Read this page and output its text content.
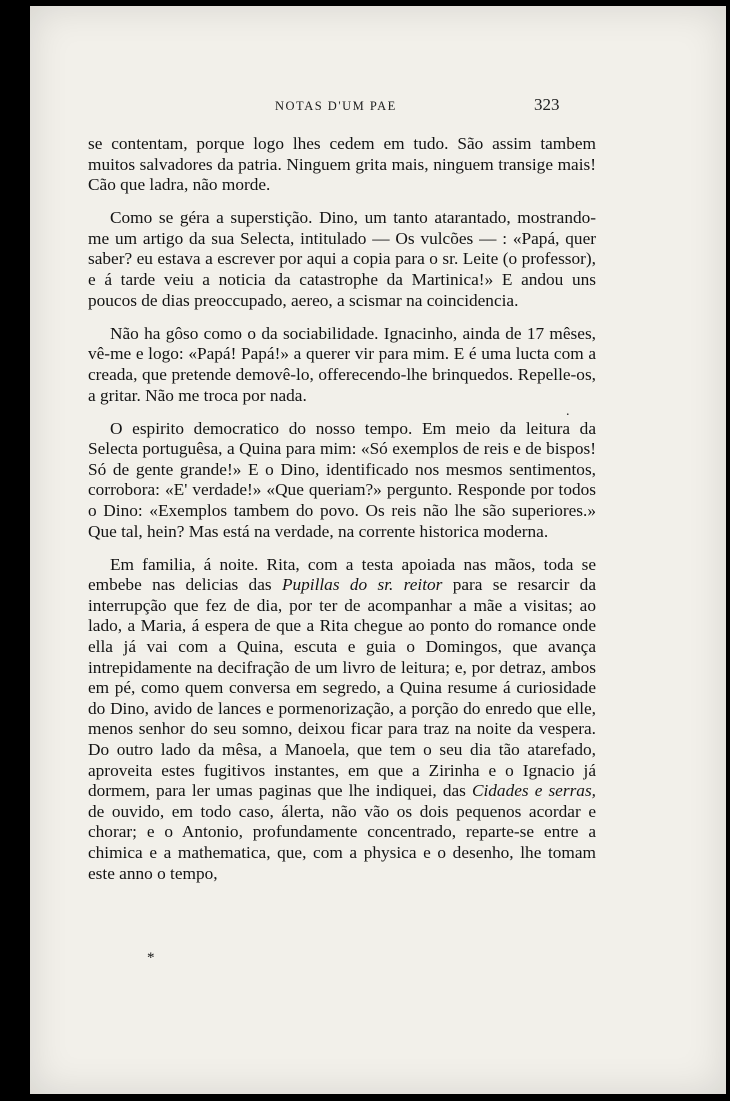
NOTAS D'UM PAE	323

se contentam, porque logo lhes cedem em tudo. São assim tambem muitos salvadores da patria. Ninguem grita mais, ninguem transige mais! Cão que ladra, não morde.

Como se géra a superstição. Dino, um tanto atarantado, mostrando-me um artigo da sua Selecta, intitulado — Os vulcões — : «Papá, quer saber? eu estava a escrever por aqui a copia para o sr. Leite (o professor), e á tarde veiu a noticia da catastrophe da Martinica!» E andou uns poucos de dias preoccupado, aereo, a scismar na coincidencia.

Não ha gôso como o da sociabilidade. Ignacinho, ainda de 17 mêses, vê-me e logo: «Papá! Papá!» a querer vir para mim. E é uma lucta com a creada, que pretende demovê-lo, offerecendo-lhe brinquedos. Repelle-os, a gritar. Não me troca por nada.

O espirito democratico do nosso tempo. Em meio da leitura da Selecta portuguêsa, a Quina para mim: «Só exemplos de reis e de bispos! Só de gente grande!» E o Dino, identificado nos mesmos sentimentos, corrobora: «E' verdade!» «Que queriam?» pergunto. Responde por todos o Dino: «Exemplos tambem do povo. Os reis não lhe são superiores.» Que tal, hein? Mas está na verdade, na corrente historica moderna.

Em familia, á noite. Rita, com a testa apoiada nas mãos, toda se embebe nas delicias das Pupillas do sr. reitor para se resarcir da interrupção que fez de dia, por ter de acompanhar a mãe a visitas; ao lado, a Maria, á espera de que a Rita chegue ao ponto do romance onde ella já vai com a Quina, escuta e guia o Domingos, que avança intrepidamente na decifração de um livro de leitura; e, por detraz, ambos em pé, como quem conversa em segredo, a Quina resume á curiosidade do Dino, avido de lances e pormenorização, a porção do enredo que elle, menos senhor do seu somno, deixou ficar para traz na noite da vespera. Do outro lado da mêsa, a Manoela, que tem o seu dia tão atarefado, aproveita estes fugitivos instantes, em que a Zirinha e o Ignacio já dormem, para ler umas paginas que lhe indiquei, das Cidades e serras, de ouvido, em todo caso, álerta, não vão os dois pequenos acordar e chorar; e o Antonio, profundamente concentrado, reparte-se entre a chimica e a mathematica, que, com a physica e o desenho, lhe tomam este anno o tempo,

.
*
